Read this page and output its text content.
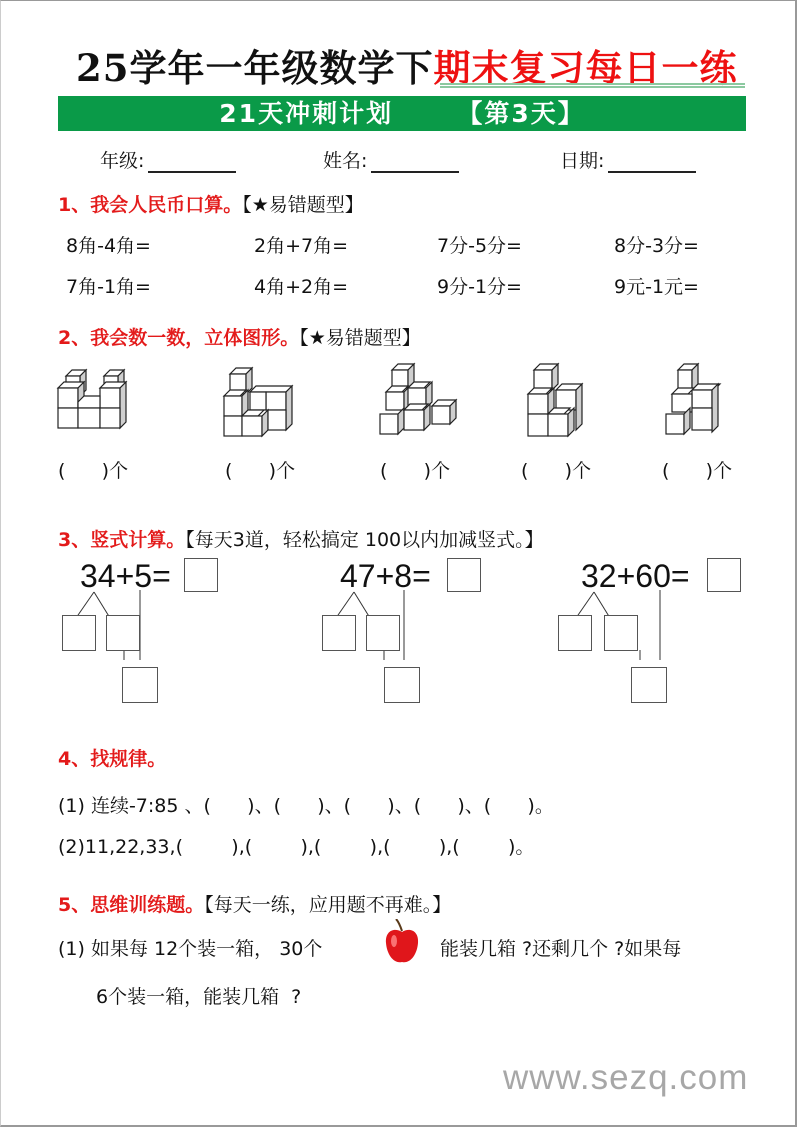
25学年一年级数学下期末复习每日一练
21天冲刺计划	【第3天】
年级:	姓名:	日期:
1、我会人民币口算。【★易错题型】
8角-4角=	2角+7角=	7分-5分=	8分-3分=
7角-1角=	4角+2角=	9分-1分=	9元-1元=
2、我会数一数，立体图形。【★易错题型】
(      )个	(      )个	(      )个	(      )个	(      )个
3、竖式计算。【每天3道，轻松搞定 100以内加减竖式。】
34+5=	47+8=	32+60=
4、找规律。
(1) 连续-7:85 、(      )、(      )、(      )、(      )、(      )。
(2)11,22,33,(        ),(        ),(        ),(        ),(        )。
5、思维训练题。【每天一练，应用题不再难。】
(1) 如果每 12个装一箱， 30个	能装几箱 ?还剩几个 ?如果每
6个装一箱，能装几箱  ?
www.sezq.com
